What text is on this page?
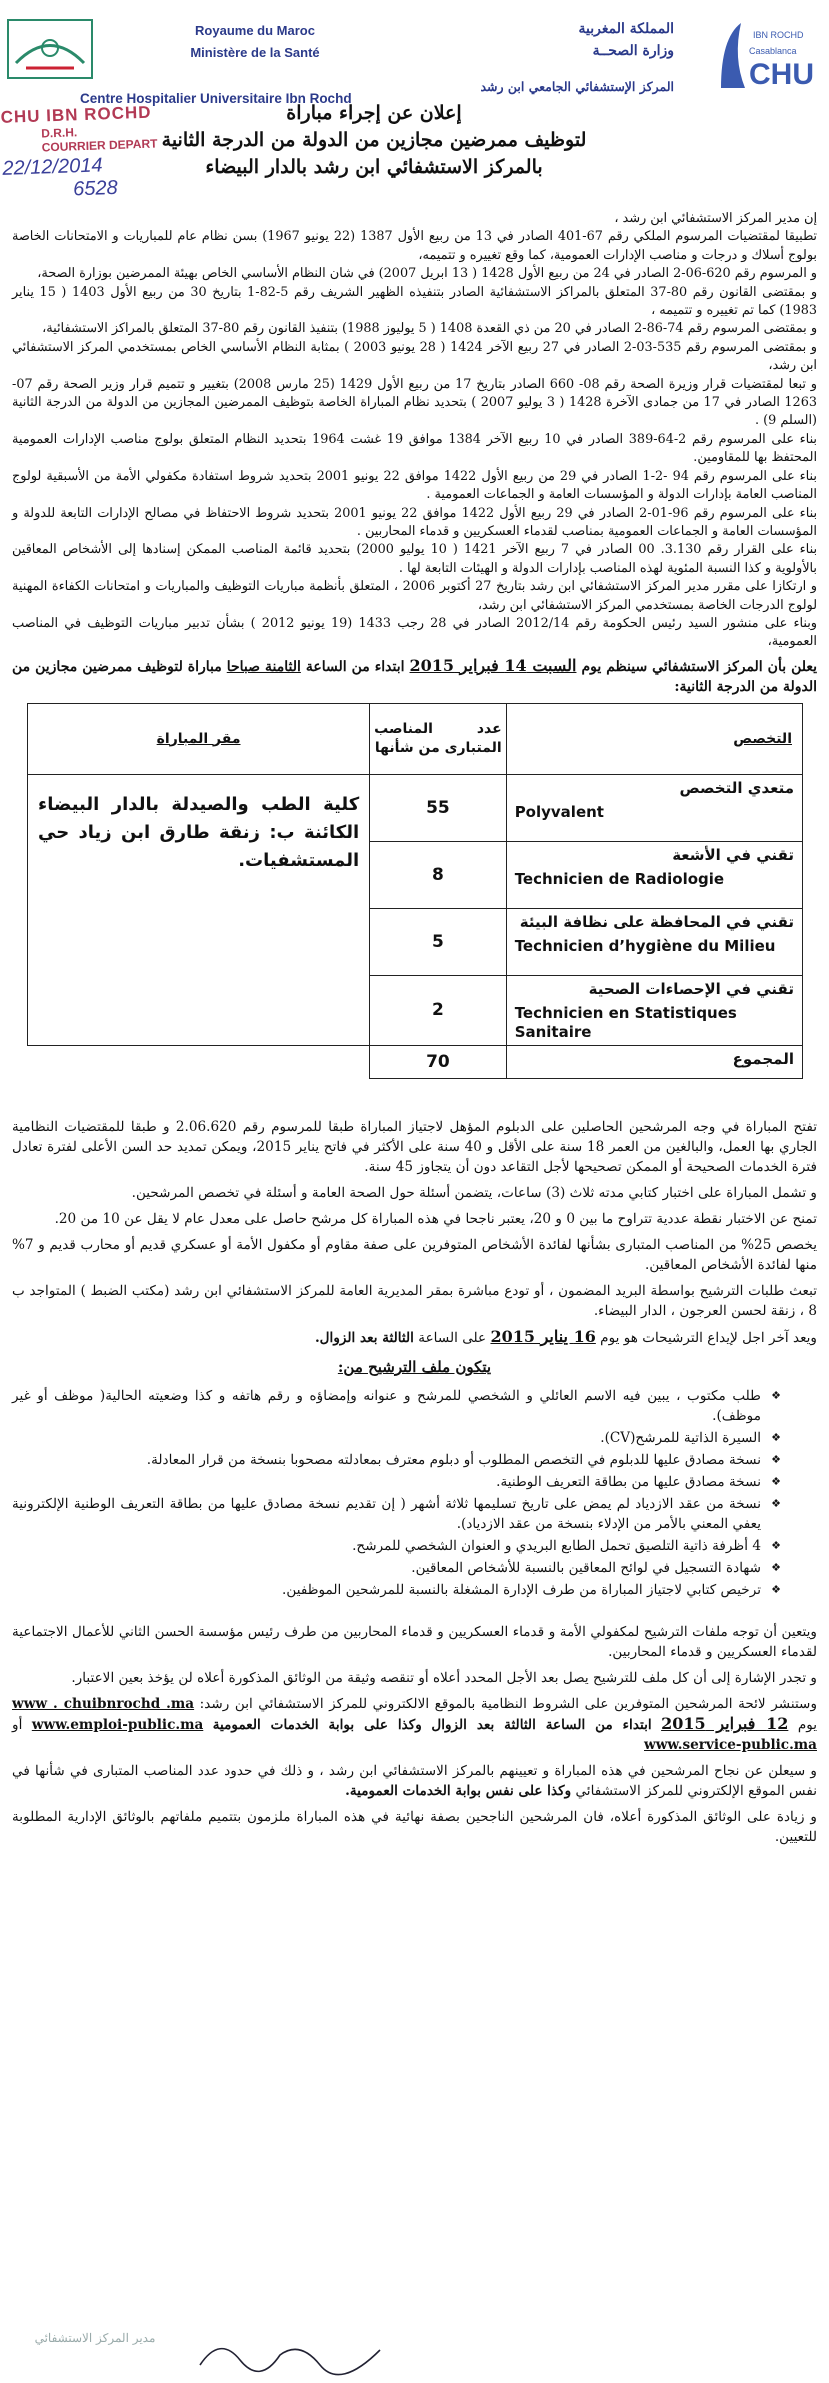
Royaume du Maroc
Ministère de la Santé
Centre Hospitalier Universitaire Ibn Rochd
المملكة المغربية
وزارة الصحــة
المركز الإستشفائي الجامعي ابن رشد
IBN ROCHD
Casablanca
CHU
CHU IBN ROCHD
D.R.H.
COURRIER DEPART
22/12/2014
6528
إعلان عن إجراء مباراة
لتوظيف ممرضين مجازين من الدولة من الدرجة الثانية
بالمركز الاستشفائي ابن رشد بالدار البيضاء

إن مدير المركز الاستشفائي ابن رشد ،

تطبيقا لمقتضيات المرسوم الملكي رقم 67-401 الصادر في 13 من ربيع الأول 1387 (22 يونيو 1967) بسن نظام عام للمباريات و الامتحانات الخاصة بولوج أسلاك و درجات و مناصب الإدارات العمومية، كما وقع تغييره و تتميمه،

و المرسوم رقم 620-06-2 الصادر في 24 من ربيع الأول 1428 ( 13 ابريل 2007) في شان النظام الأساسي الخاص بهيئة الممرضين بوزارة الصحة،

و بمقتضى القانون رقم 80-37 المتعلق بالمراكز الاستشفائية الصادر بتنفيذه الظهير الشريف رقم 5-82-1 بتاريخ 30 من ربيع الأول 1403 ( 15 يناير 1983) كما تم تغييره و تتميمه ،

و بمقتضى المرسوم رقم 74-86-2 الصادر في 20 من ذي القعدة 1408 ( 5 يوليوز 1988) بتنفيذ القانون رقم 80-37 المتعلق بالمراكز الاستشفائية،

و بمقتضى المرسوم رقم 535-03-2 الصادر في 27 ربيع الآخر 1424 ( 28 يونيو 2003 ) بمثابة النظام الأساسي الخاص بمستخدمي المركز الاستشفائي ابن رشد،

و تبعا لمقتضيات قرار وزيرة الصحة رقم 08- 660 الصادر بتاريخ 17 من ربيع الأول 1429 (25 مارس 2008) بتغيير و تتميم قرار وزير الصحة رقم 07- 1263 الصادر في 17 من جمادى الآخرة 1428 ( 3 يوليو 2007 ) بتحديد نظام المباراة الخاصة بتوظيف الممرضين المجازين من الدولة من الدرجة الثانية (السلم 9) .

بناء على المرسوم رقم 2-64-389 الصادر في 10 ربيع الآخر 1384 موافق 19 غشت 1964 بتحديد النظام المتعلق بولوج مناصب الإدارات العمومية المحتفظ بها للمقاومين.

بناء على المرسوم رقم 94 -2-1 الصادر في 29 من ربيع الأول 1422 موافق 22 يونيو 2001 بتحديد شروط استفادة مكفولي الأمة من الأسبقية لولوج المناصب العامة بإدارات الدولة و المؤسسات العامة و الجماعات العمومية .

بناء على المرسوم رقم 96-01-2 الصادر في 29 ربيع الأول 1422 موافق 22 يونيو 2001 بتحديد شروط الاحتفاظ في مصالح الإدارات التابعة للدولة و المؤسسات العامة و الجماعات العمومية بمناصب لقدماء العسكريين و قدماء المحاربين .

بناء على القرار رقم 3.130. 00 الصادر في 7 ربيع الآخر 1421 ( 10 يوليو 2000) بتحديد قائمة المناصب الممكن إسنادها إلى الأشخاص المعاقين بالأولوية و كذا النسبة المئوية لهذه المناصب بإدارات الدولة و الهيئات التابعة لها .

و ارتكازا على مقرر مدير المركز الاستشفائي ابن رشد بتاريخ 27 أكتوبر 2006 ، المتعلق بأنظمة مباريات التوظيف والمباريات و امتحانات الكفاءة المهنية لولوج الدرجات الخاصة بمستخدمي المركز الاستشفائي ابن رشد،

وبناء على منشور السيد رئيس الحكومة رقم 2012/14 الصادر في 28 رجب 1433 (19 يونيو 2012 ) بشأن تدبير مباريات التوظيف في المناصب العمومية،

يعلن بأن المركز الاستشفائي سينظم يوم السبت 14 فبراير 2015 ابتداء من الساعة الثامنة صباحا مباراة لتوظيف ممرضين مجازين من الدولة من الدرجة الثانية:

التخصص	عدد المناصب المتبارى من شأنها	مقر المباراة

متعدي التخصص
Polyvalent	55	كلية الطب والصيدلة بالدار البيضاء الكائنة ب: زنقة طارق ابن زياد حي المستشفيات.

تقني في الأشعة
Technicien de Radiologie	8	

تقني في المحافظة على نظافة البيئة
Technicien d’hygiène du Milieu	5	

تقني في الإحصاءات الصحية
Technicien en Statistiques Sanitaire	2	

المجموع	70	

تفتح المباراة في وجه المرشحين الحاصلين على الدبلوم المؤهل لاجتياز المباراة طبقا للمرسوم رقم 2.06.620 و طبقا للمقتضيات النظامية الجاري بها العمل، والبالغين من العمر 18 سنة على الأقل و 40 سنة على الأكثر في فاتح يناير 2015، ويمكن تمديد حد السن الأعلى لفترة تعادل فترة الخدمات الصحيحة أو الممكن تصحيحها لأجل التقاعد دون أن يتجاوز 45 سنة.

و تشمل المباراة على اختبار كتابي مدته ثلاث (3) ساعات، يتضمن أسئلة حول الصحة العامة و أسئلة في تخصص المرشحين.

تمنح عن الاختبار نقطة عددية تتراوح ما بين 0 و 20، يعتبر ناجحا في هذه المباراة كل مرشح حاصل على معدل عام لا يقل عن 10 من 20.

يخصص 25% من المناصب المتبارى بشأنها لفائدة الأشخاص المتوفرين على صفة مقاوم أو مكفول الأمة أو عسكري قديم أو محارب قديم و 7% منها لفائدة الأشخاص المعاقين.

تبعث طلبات الترشيح بواسطة البريد المضمون ، أو تودع مباشرة بمقر المديرية العامة للمركز الاستشفائي ابن رشد (مكتب الضبط ) المتواجد ب 8 ، زنقة لحسن العرجون ، الدار البيضاء.

ويعد آخر اجل لإيداع الترشيحات هو يوم 16 يناير 2015 على الساعة الثالثة بعد الزوال.

يتكون ملف الترشيح من:

❖ طلب مكتوب ، يبين فيه الاسم العائلي و الشخصي للمرشح و عنوانه وإمضاؤه و رقم هاتفه و كذا وضعيته الحالية( موظف أو غير موظف).
❖ السيرة الذاتية للمرشح(CV).
❖ نسخة مصادق عليها للدبلوم في التخصص المطلوب أو دبلوم معترف بمعادلته مصحوبا بنسخة من قرار المعادلة.
❖ نسخة مصادق عليها من بطاقة التعريف الوطنية.
❖ نسخة من عقد الازدياد لم يمض على تاريخ تسليمها ثلاثة أشهر ( إن تقديم نسخة مصادق عليها من بطاقة التعريف الوطنية الإلكترونية يعفي المعني بالأمر من الإدلاء بنسخة من عقد الازدياد).
❖ 4 أظرفة ذاتية التلصيق تحمل الطابع البريدي و العنوان الشخصي للمرشح.
❖ شهادة التسجيل في لوائح المعاقين بالنسبة للأشخاص المعاقين.
❖ ترخيص كتابي لاجتياز المباراة من طرف الإدارة المشغلة بالنسبة للمرشحين الموظفين.

ويتعين أن توجه ملفات الترشيح لمكفولي الأمة و قدماء العسكريين و قدماء المحاربين من طرف رئيس مؤسسة الحسن الثاني للأعمال الاجتماعية لقدماء العسكريين و قدماء المحاربين.

و تجدر الإشارة إلى أن كل ملف للترشيح يصل بعد الأجل المحدد أعلاه أو تنقصه وثيقة من الوثائق المذكورة أعلاه لن يؤخذ بعين الاعتبار.

وستنشر لائحة المرشحين المتوفرين على الشروط النظامية بالموقع الالكتروني للمركز الاستشفائي ابن رشد: www . chuibnrochd .ma يوم 12 فبراير 2015 ابتداء من الساعة الثالثة بعد الزوال وكذا على بوابة الخدمات العمومية www.emploi-public.ma أو www.service-public.ma

و سيعلن عن نجاح المرشحين في هذه المباراة و تعيينهم بالمركز الاستشفائي ابن رشد ، و ذلك في حدود عدد المناصب المتبارى في شأنها في نفس الموقع الإلكتروني للمركز الاستشفائي وكذا على نفس بوابة الخدمات العمومية.

و زيادة على الوثائق المذكورة أعلاه، فان المرشحين الناجحين بصفة نهائية في هذه المباراة ملزمون بتتميم ملفاتهم بالوثائق الإدارية المطلوبة للتعيين.

مدير المركز الاستشفائي
